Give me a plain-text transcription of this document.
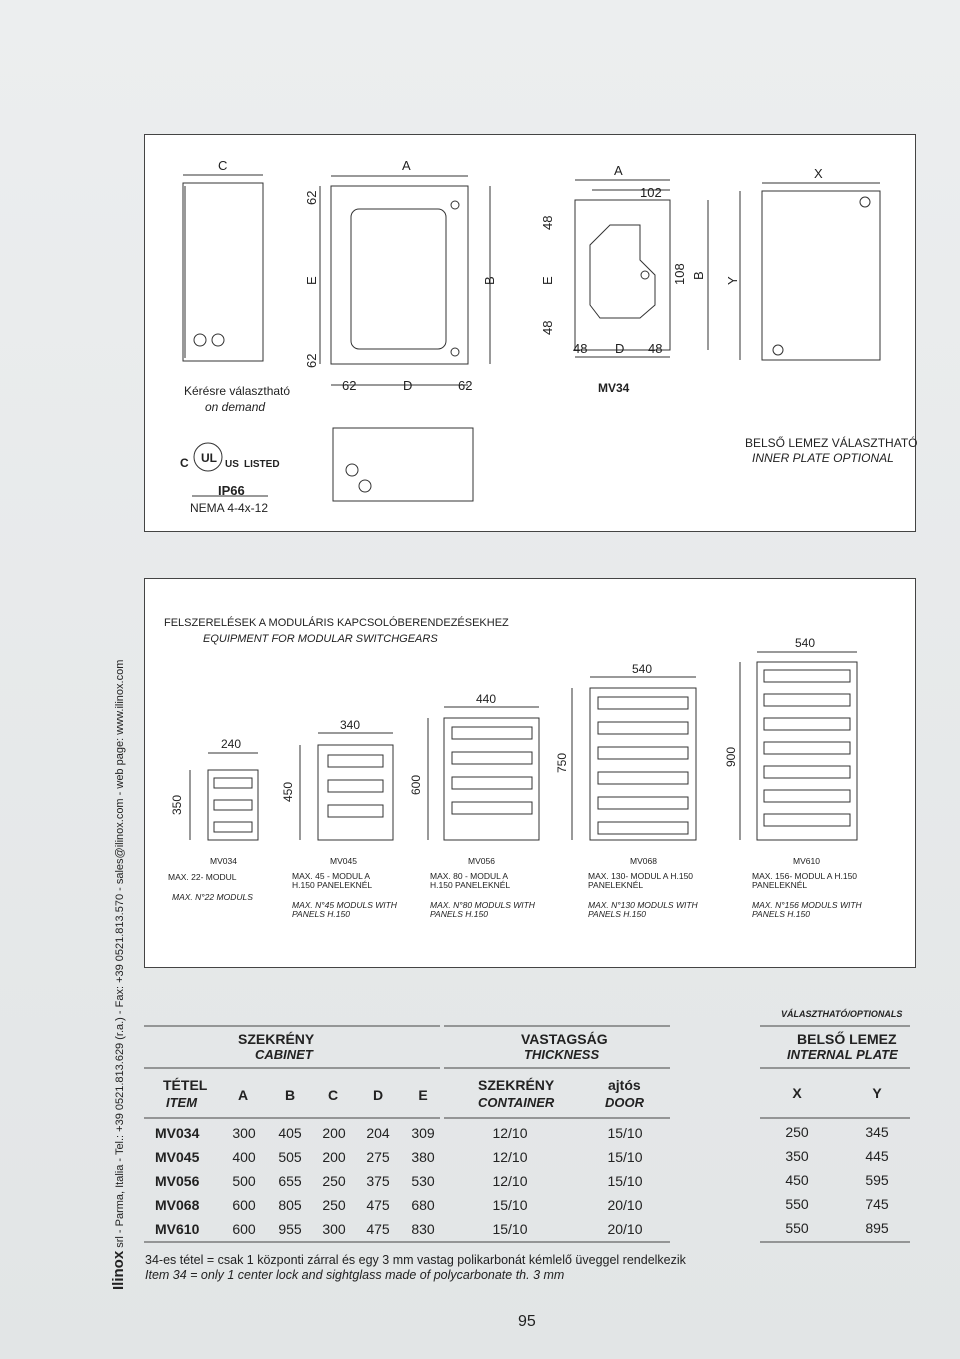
Ilinox srl - Parma, Italia - Tel.: +39 0521.813.629 (r.a.) - Fax: +39 0521.813.570 - sales@ilinox.com - web page: www.ilinox.com
C	A
62	D	62
A
102
48 D 48
X
MV34
62
E
62
B
48
E
48
108 B
Y
C UL US LISTED
Kérésre választható
on demand
IP66
NEMA 4-4x-12
BELSŐ LEMEZ VÁLASZTHATÓ
INNER PLATE OPTIONAL
FELSZERELÉSEK A MODULÁRIS KAPCSOLÓBERENDEZÉSEKHEZ
EQUIPMENT FOR MODULAR SWITCHGEARS
240
350
340
450
440
600
540
750
540
900
MV034
MAX. 22- MODUL
MAX. N°22 MODULS
MV045
MAX. 45 - MODUL A
H.150 PANELEKNÉL
MAX. N°45 MODULS WITH
PANELS H.150
MV056
MAX. 80 - MODUL A
H.150 PANELEKNÉL
MAX. N°80 MODULS WITH
PANELS H.150
MV068
MAX. 130- MODUL A H.150
PANELEKNÉL
MAX. N°130 MODULS WITH
PANELS H.150
MV610
MAX. 156- MODUL A H.150
PANELEKNÉL
MAX. N°156 MODULS WITH
PANELS H.150
VÁLASZTHATÓ/OPTIONALS
SZEKRÉNY
CABINET
VASTAGSÁG
THICKNESS
BELSŐ LEMEZ
INTERNAL PLATE
TÉTEL
ITEM	A	B	C	D	E
SZEKRÉNY
CONTAINER
ajtós
DOOR
X	Y
MV034	300	405	200	204	309	12/10	15/10	250	345
MV045	400	505	200	275	380	12/10	15/10	350	445
MV056	500	655	250	375	530	12/10	15/10	450	595
MV068	600	805	250	475	680	15/10	20/10	550	745
MV610	600	955	300	475	830	15/10	20/10	550	895
34-es tétel = csak 1 központi zárral és egy 3 mm vastag polikarbonát kémlelő üveggel rendelkezik
Item 34 = only 1 center lock and sightglass made of polycarbonate th. 3 mm
95
